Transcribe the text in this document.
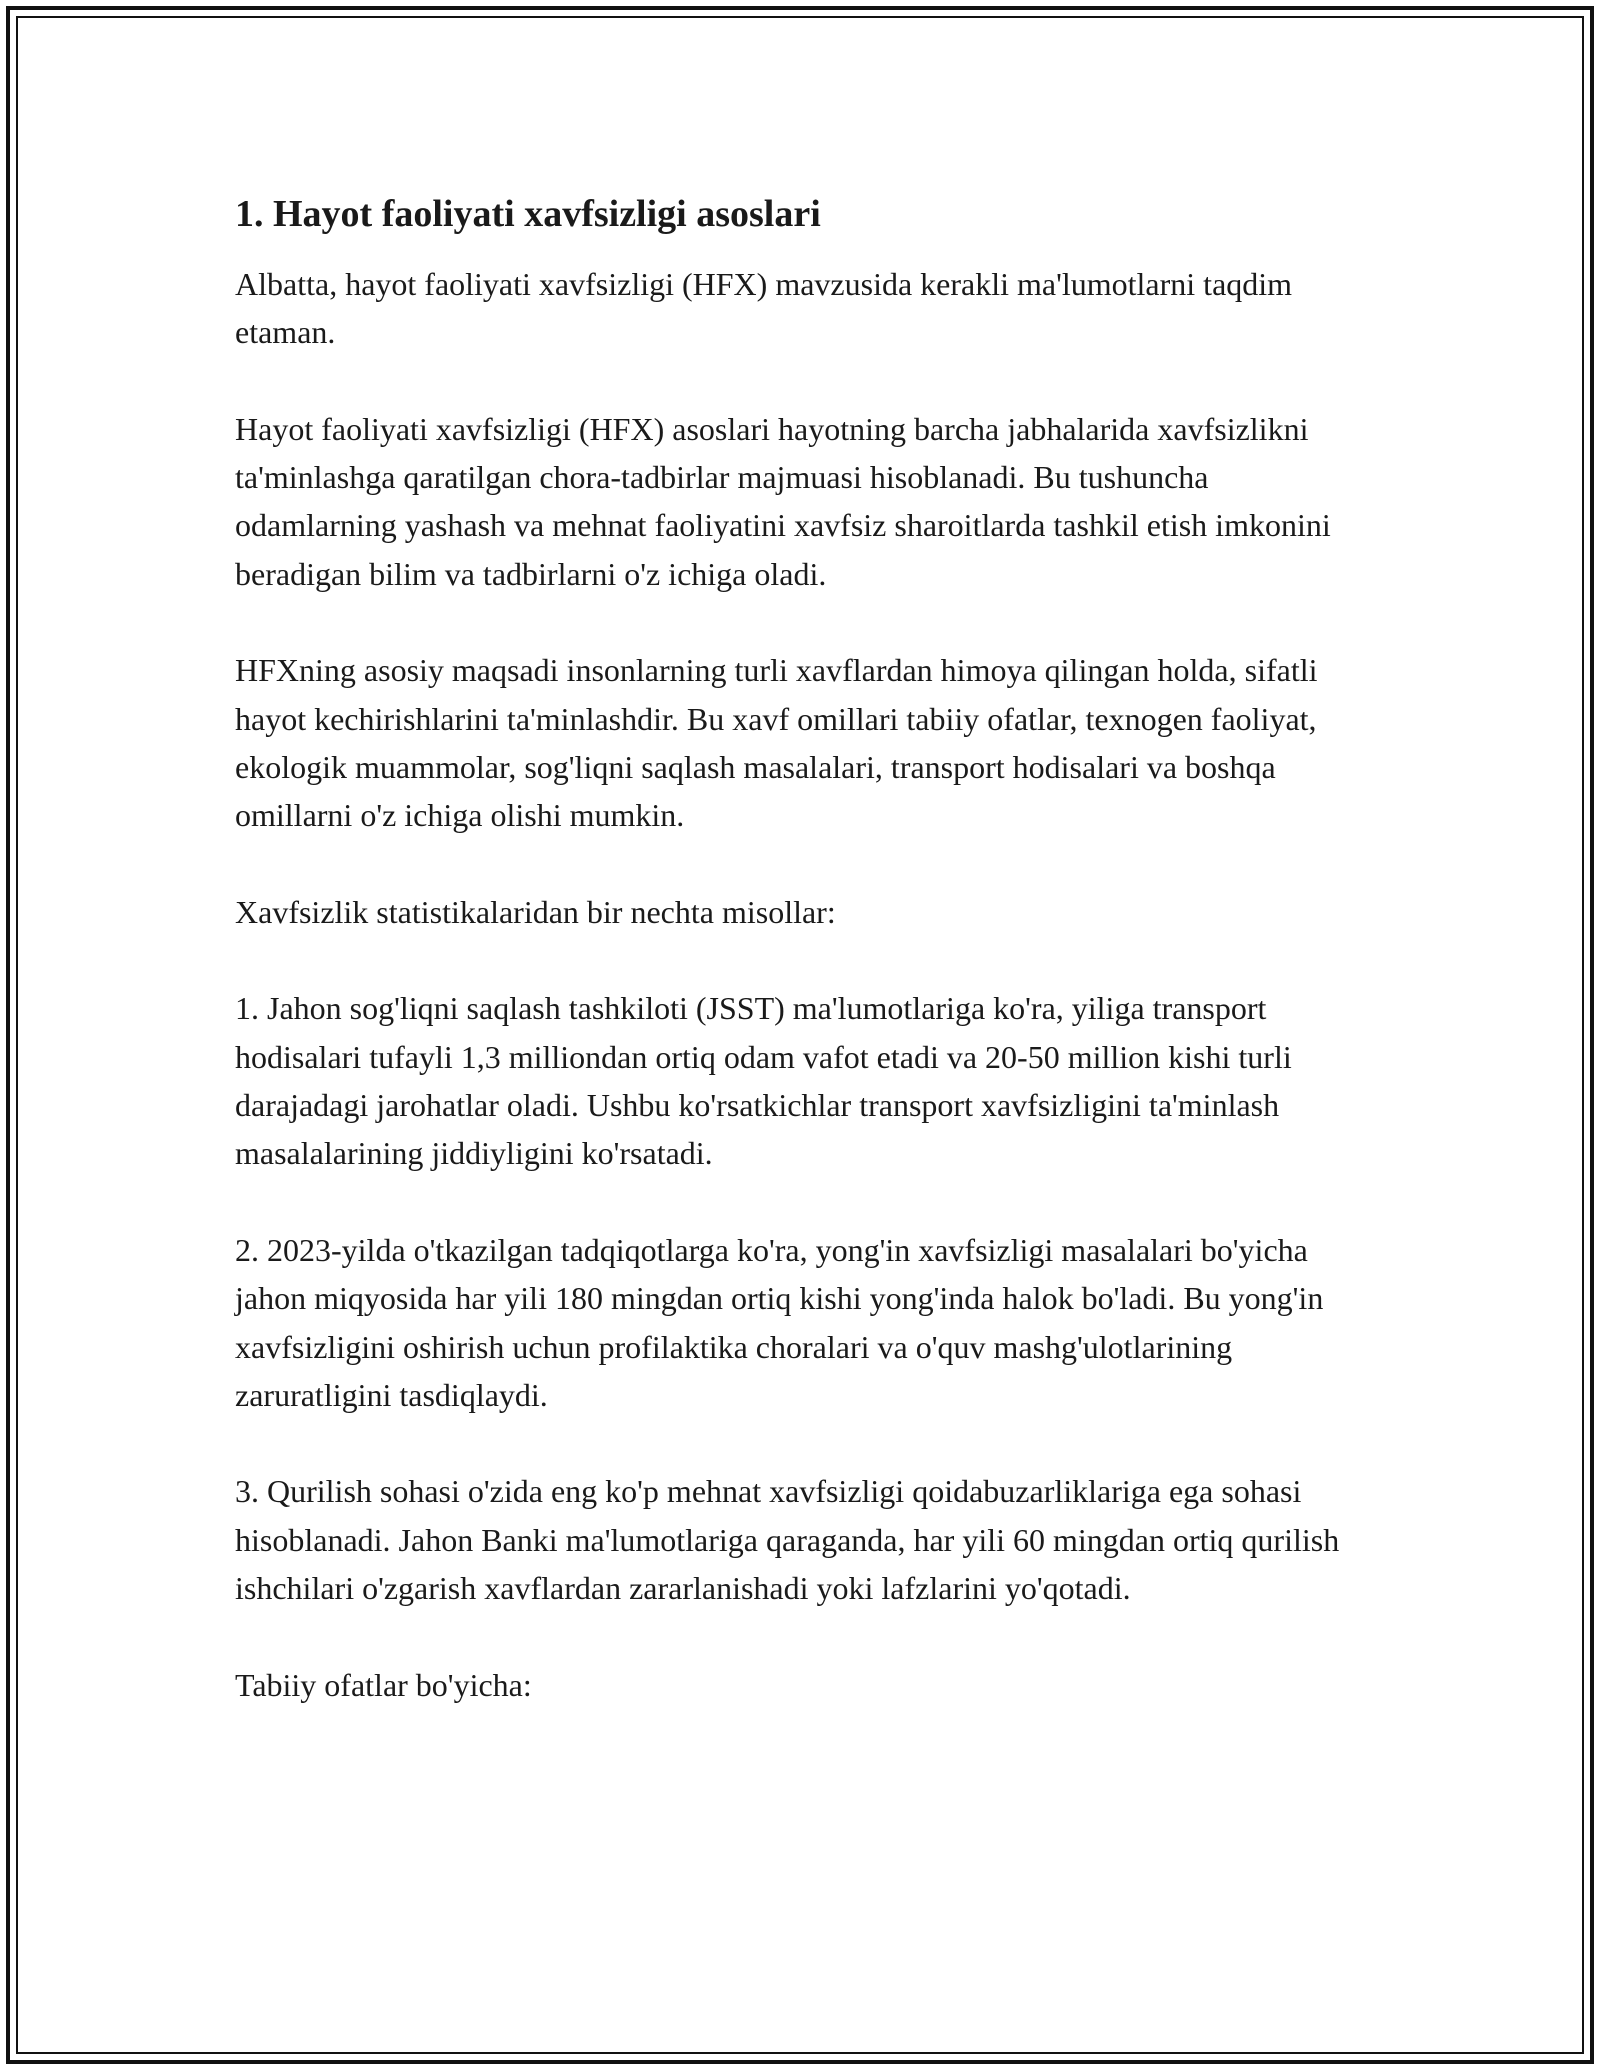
1. Hayot faoliyati xavfsizligi asoslari

Albatta, hayot faoliyati xavfsizligi (HFX) mavzusida kerakli ma'lumotlarni taqdim etaman.

Hayot faoliyati xavfsizligi (HFX) asoslari hayotning barcha jabhalarida xavfsizlikni ta'minlashga qaratilgan chora-tadbirlar majmuasi hisoblanadi. Bu tushuncha odamlarning yashash va mehnat faoliyatini xavfsiz sharoitlarda tashkil etish imkonini beradigan bilim va tadbirlarni o'z ichiga oladi.

HFXning asosiy maqsadi insonlarning turli xavflardan himoya qilingan holda, sifatli hayot kechirishlarini ta'minlashdir. Bu xavf omillari tabiiy ofatlar, texnogen faoliyat, ekologik muammolar, sog'liqni saqlash masalalari, transport hodisalari va boshqa omillarni o'z ichiga olishi mumkin.

Xavfsizlik statistikalaridan bir nechta misollar:

1. Jahon sog'liqni saqlash tashkiloti (JSST) ma'lumotlariga ko'ra, yiliga transport hodisalari tufayli 1,3 milliondan ortiq odam vafot etadi va 20-50 million kishi turli darajadagi jarohatlar oladi. Ushbu ko'rsatkichlar transport xavfsizligini ta'minlash masalalarining jiddiyligini ko'rsatadi.

2. 2023-yilda o'tkazilgan tadqiqotlarga ko'ra, yong'in xavfsizligi masalalari bo'yicha jahon miqyosida har yili 180 mingdan ortiq kishi yong'inda halok bo'ladi. Bu yong'in xavfsizligini oshirish uchun profilaktika choralari va o'quv mashg'ulotlarining zaruratligini tasdiqlaydi.

3. Qurilish sohasi o'zida eng ko'p mehnat xavfsizligi qoidabuzarliklariga ega sohasi hisoblanadi. Jahon Banki ma'lumotlariga qaraganda, har yili 60 mingdan ortiq qurilish ishchilari o'zgarish xavflardan zararlanishadi yoki lafzlarini yo'qotadi.

Tabiiy ofatlar bo'yicha:
